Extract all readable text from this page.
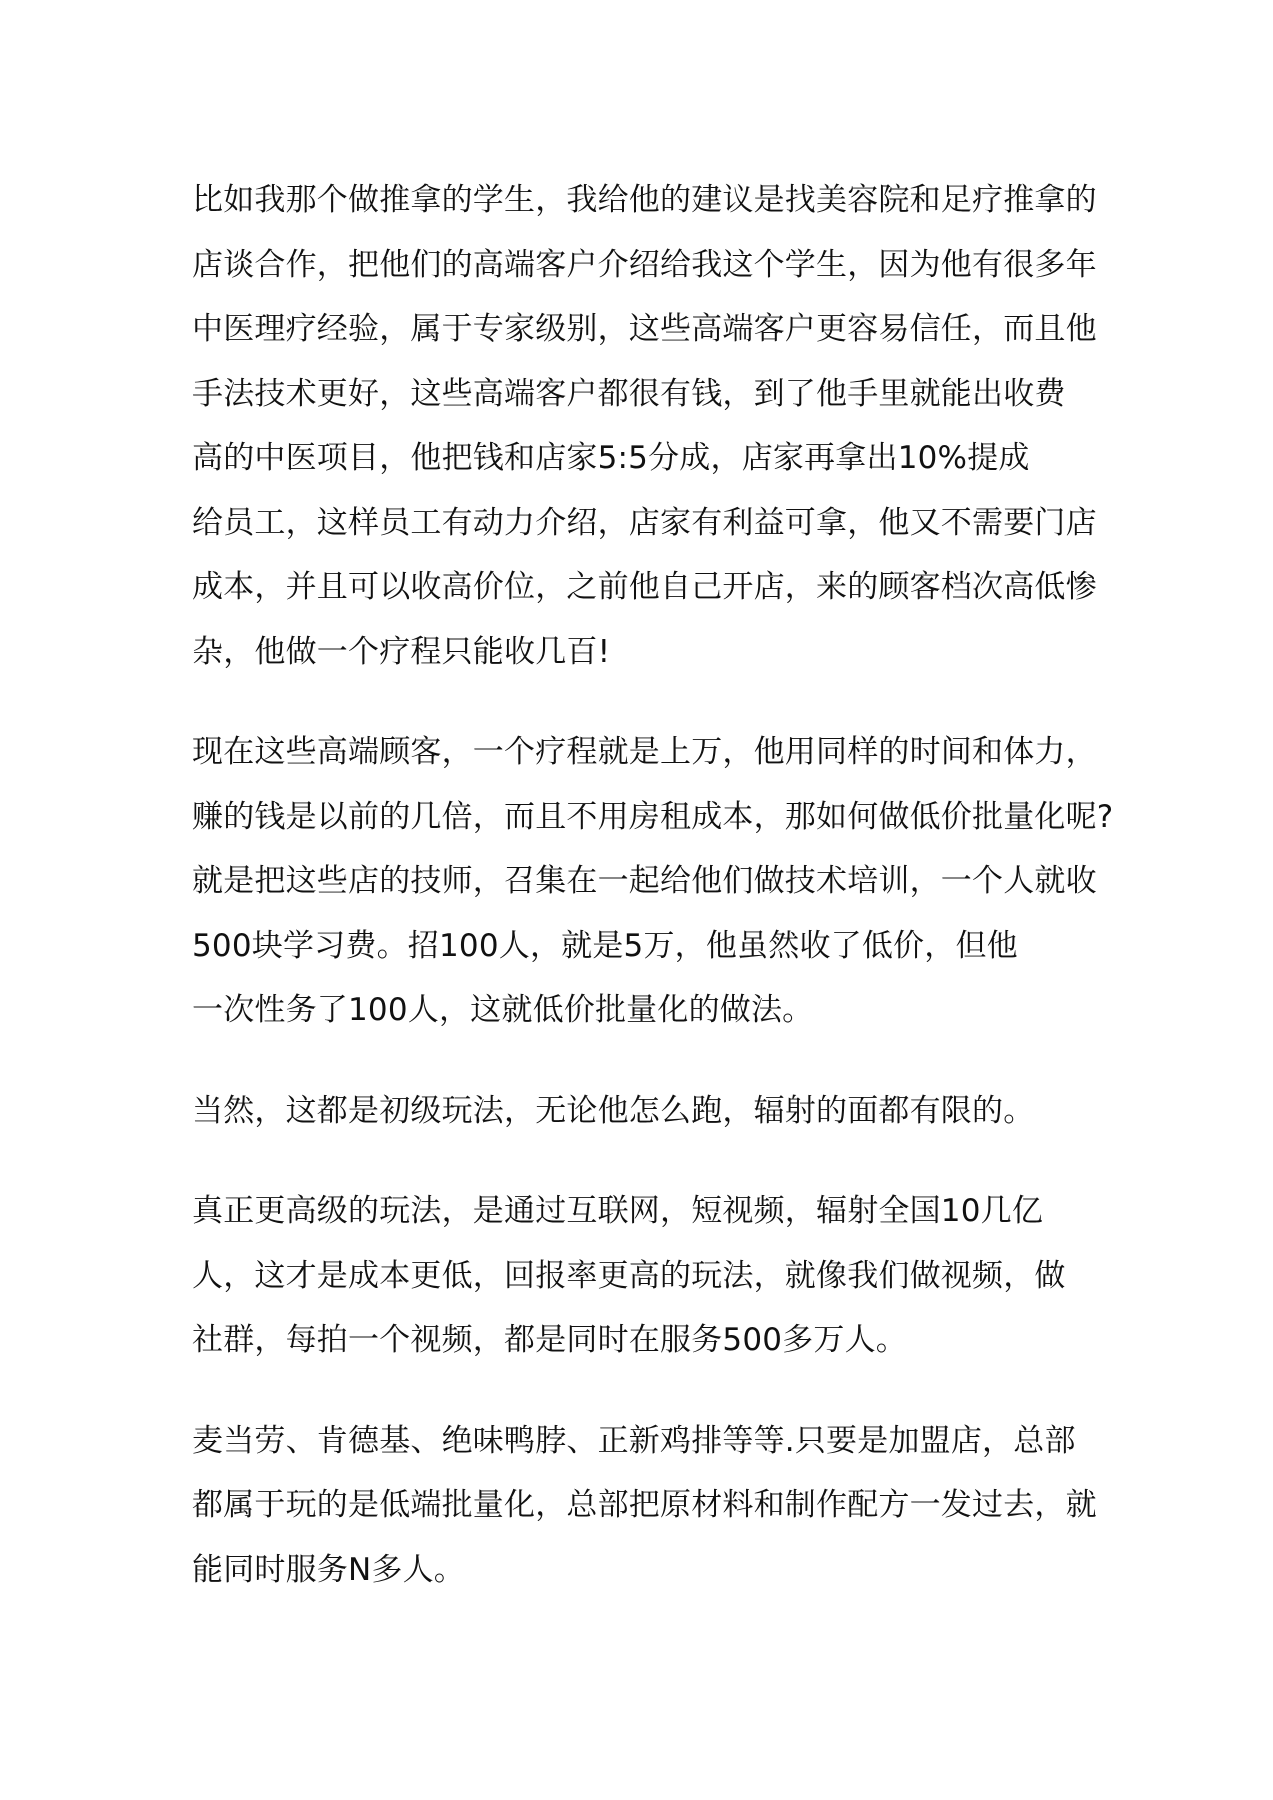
比如我那个做推拿的学生，我给他的建议是找美容院和足疗推拿的
店谈合作，把他们的高端客户介绍给我这个学生，因为他有很多年
中医理疗经验，属于专家级别，这些高端客户更容易信任，而且他
手法技术更好，这些高端客户都很有钱，到了他手里就能出收费
高的中医项目，他把钱和店家5:5分成，店家再拿出10%提成
给员工，这样员工有动力介绍，店家有利益可拿，他又不需要门店
成本，并且可以收高价位，之前他自己开店，来的顾客档次高低惨
杂，他做一个疗程只能收几百!

现在这些高端顾客，一个疗程就是上万，他用同样的时间和体力，
赚的钱是以前的几倍，而且不用房租成本，那如何做低价批量化呢?
就是把这些店的技师，召集在一起给他们做技术培训，一个人就收
500块学习费。招100人，就是5万，他虽然收了低价，但他
一次性务了100人，这就低价批量化的做法。

当然，这都是初级玩法，无论他怎么跑，辐射的面都有限的。

真正更高级的玩法，是通过互联网，短视频，辐射全国10几亿
人，这才是成本更低，回报率更高的玩法，就像我们做视频，做
社群，每拍一个视频，都是同时在服务500多万人。

麦当劳、肯德基、绝味鸭脖、正新鸡排等等.只要是加盟店，总部
都属于玩的是低端批量化，总部把原材料和制作配方一发过去，就
能同时服务N多人。
